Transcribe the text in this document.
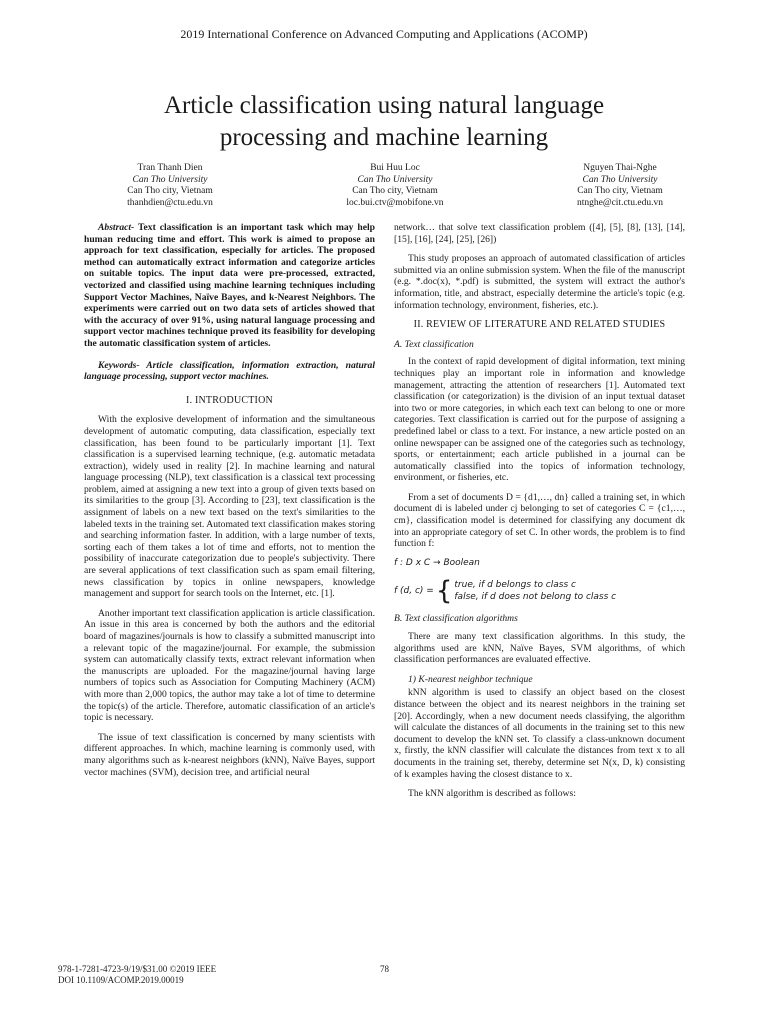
2019 International Conference on Advanced Computing and Applications (ACOMP)
Article classification using natural language
processing and machine learning
Tran Thanh Dien
Can Tho University
Can Tho city, Vietnam
thanhdien@ctu.edu.vn
Bui Huu Loc
Can Tho University
Can Tho city, Vietnam
loc.bui.ctv@mobifone.vn
Nguyen Thai-Nghe
Can Tho University
Can Tho city, Vietnam
ntnghe@cit.ctu.edu.vn
Abstract- Text classification is an important task which may help human reducing time and effort. This work is aimed to propose an approach for text classification, especially for articles. The proposed method can automatically extract information and categorize articles on suitable topics. The input data were pre-processed, extracted, vectorized and classified using machine learning techniques including Support Vector Machines, Naïve Bayes, and k-Nearest Neighbors. The experiments were carried out on two data sets of articles showed that with the accuracy of over 91%, using natural language processing and support vector machines technique proved its feasibility for developing the automatic classification system of articles.
Keywords- Article classification, information extraction, natural language processing, support vector machines.
I. INTRODUCTION

With the explosive development of information and the simultaneous development of automatic computing, data classification, especially text classification, has been found to be particularly important [1]. Text classification is a supervised learning technique, (e.g. automatic metadata extraction), widely used in reality [2]. In machine learning and natural language processing (NLP), text classification is a classical text processing problem, aimed at assigning a new text into a group of given texts based on its similarities to the group [3]. According to [23], text classification is the assignment of labels on a new text based on the text's similarities to the labeled texts in the training set. Automated text classification makes storing and searching information faster. In addition, with a large number of texts, sorting each of them takes a lot of time and efforts, not to mention the possibility of inaccurate categorization due to people's subjectivity. There are several applications of text classification such as spam email filtering, news classification by topics in online newspapers, knowledge management and support for search tools on the Internet, etc. [1].

Another important text classification application is article classification. An issue in this area is concerned by both the authors and the editorial board of magazines/journals is how to classify a submitted manuscript into a relevant topic of the magazine/journal. For example, the submission system can automatically classify texts, extract relevant information when the manuscripts are uploaded. For the magazine/journal having large numbers of topics such as Association for Computing Machinery (ACM) with more than 2,000 topics, the author may take a lot of time to determine the topic(s) of the article. Therefore, automatic classification of an article's topic is necessary.

The issue of text classification is concerned by many scientists with different approaches. In which, machine learning is commonly used, with many algorithms such as k-nearest neighbors (kNN), Naïve Bayes, support vector machines (SVM), decision tree, and artificial neural

network… that solve text classification problem ([4], [5], [8], [13], [14], [15], [16], [24], [25], [26])

This study proposes an approach of automated classification of articles submitted via an online submission system. When the file of the manuscript (e.g. *.doc(x), *.pdf) is submitted, the system will extract the author's information, title, and abstract, especially determine the article's topic (e.g. information technology, environment, fisheries, etc.).

II. REVIEW OF LITERATURE AND RELATED STUDIES
A. Text classification

In the context of rapid development of digital information, text mining techniques play an important role in information and knowledge management, attracting the attention of researchers [1]. Automated text classification (or categorization) is the division of an input textual dataset into two or more categories, in which each text can belong to one or more categories. Text classification is carried out for the purpose of assigning a predefined label or class to a text. For instance, a new article posted on an online newspaper can be assigned one of the categories such as technology, sports, or entertainment; each article published in a journal can be automatically classified into the topics of information technology, environment, or fisheries, etc.

From a set of documents D = {d1,…, dn} called a training set, in which document di is labeled under cj belonging to set of categories C = {c1,…, cm}, classification model is determined for classifying any document dk into an appropriate category of set C. In other words, the problem is to find function f:

f : D x C → Boolean
f (d, c) = { true, if d belongs to class c
false, if d does not belong to class c
B. Text classification algorithms

There are many text classification algorithms. In this study, the algorithms used are kNN, Naïve Bayes, SVM algorithms, of which classification performances are evaluated effective.

1) K-nearest neighbor technique

kNN algorithm is used to classify an object based on the closest distance between the object and its nearest neighbors in the training set [20]. Accordingly, when a new document needs classifying, the algorithm will calculate the distances of all documents in the training set to this new document to develop the kNN set. To classify a class-unknown document x, firstly, the kNN classifier will calculate the distances from text x to all documents in the training set, thereby, determine set N(x, D, k) consisting of k examples having the closest distance to x.

The kNN algorithm is described as follows:

978-1-7281-4723-9/19/$31.00 ©2019 IEEE
DOI 10.1109/ACOMP.2019.00019
78
